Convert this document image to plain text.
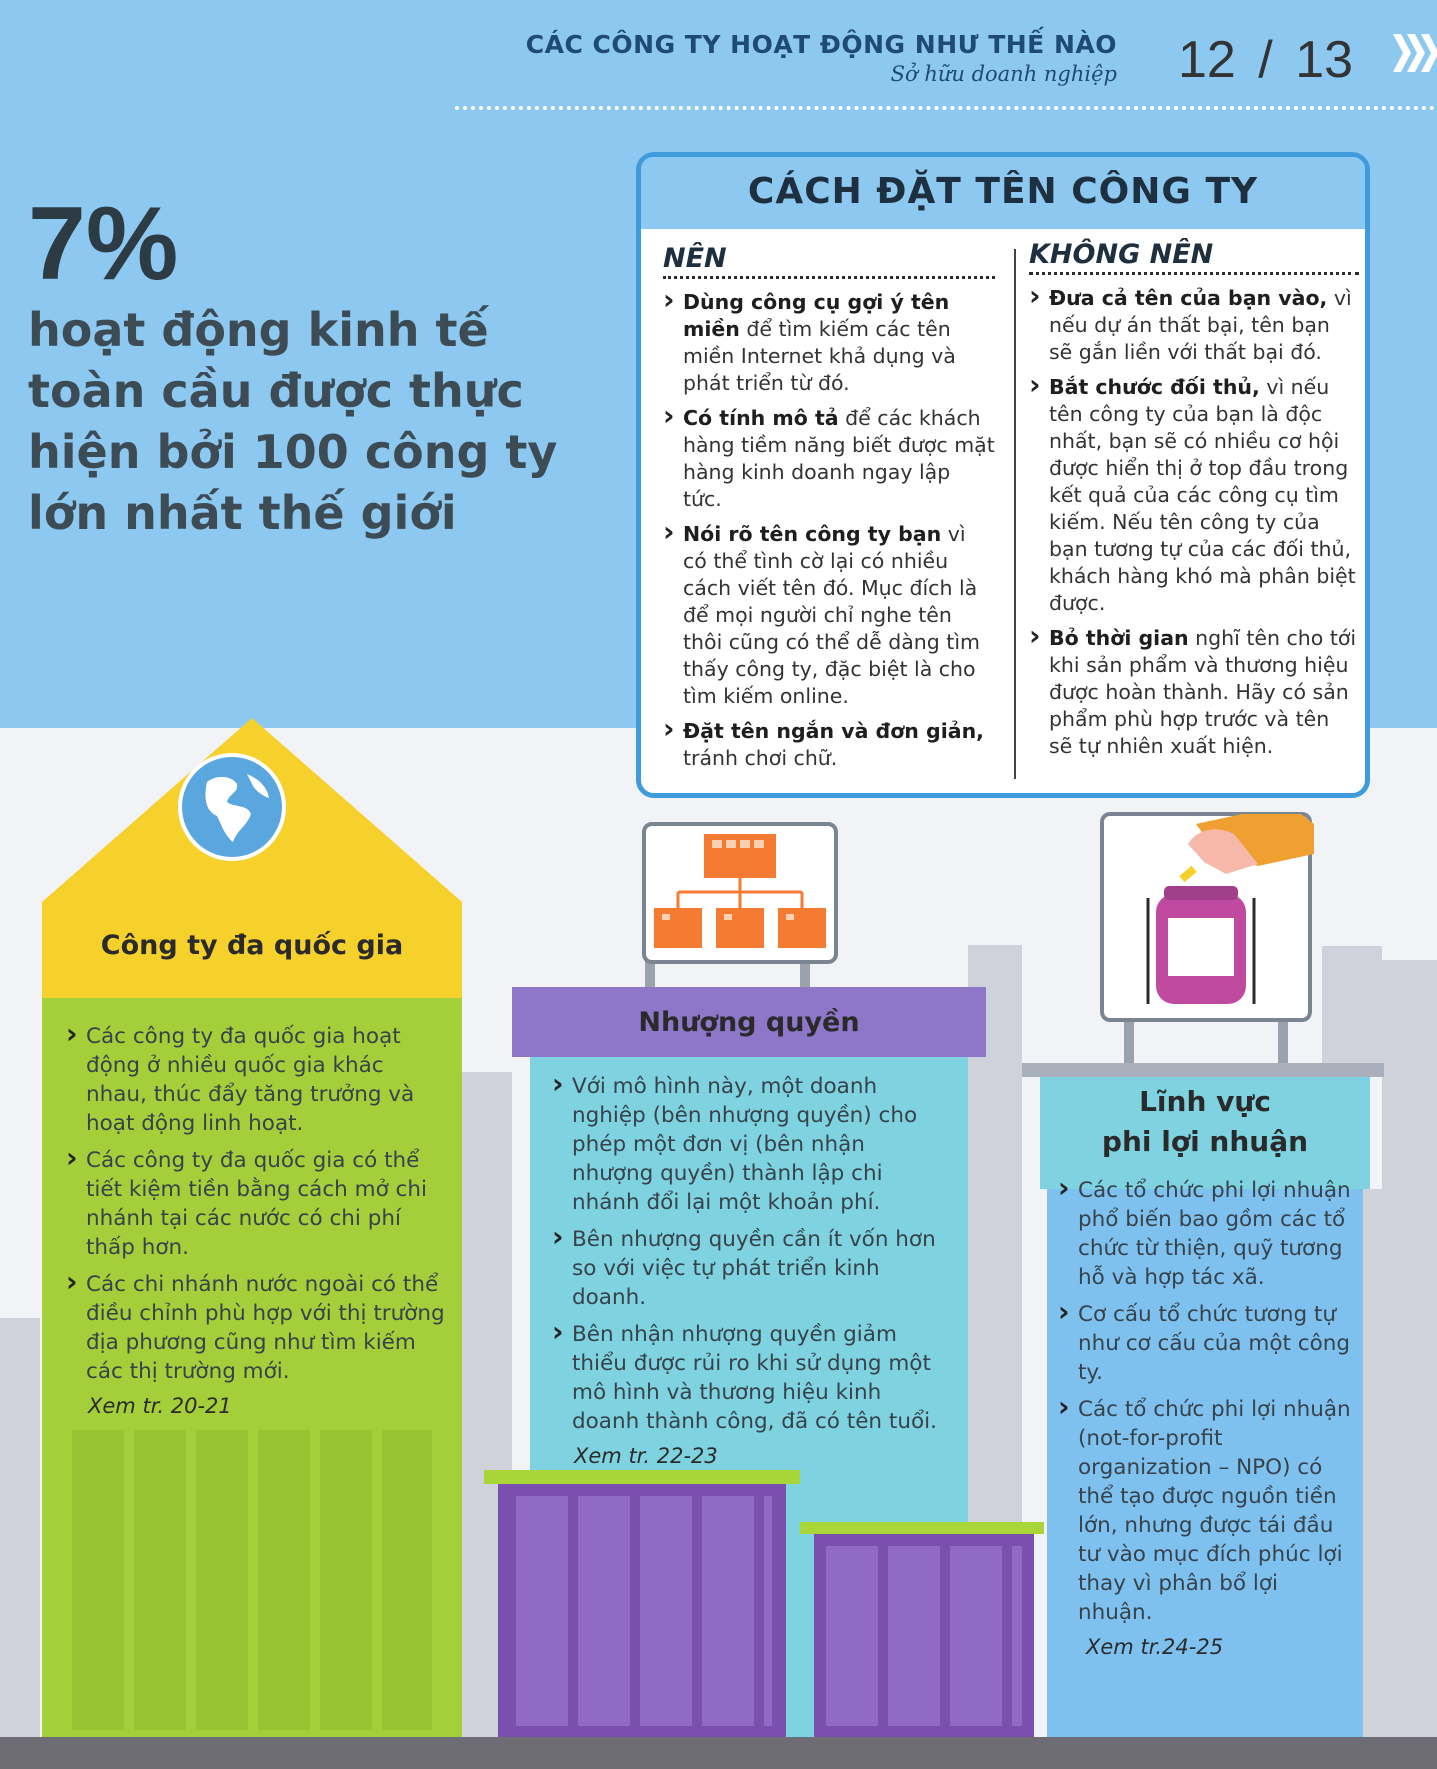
CÁC CÔNG TY HOẠT ĐỘNG NHƯ THẾ NÀO
Sở hữu doanh nghiệp 12 / 13
7%
hoạt động kinh tế toàn cầu được thực hiện bởi 100 công ty lớn nhất thế giới
CÁCH ĐẶT TÊN CÔNG TY
NÊN
› Dùng công cụ gợi ý tên miền để tìm kiếm các tên miền Internet khả dụng và phát triển từ đó.
› Có tính mô tả để các khách hàng tiềm năng biết được mặt hàng kinh doanh ngay lập tức.
› Nói rõ tên công ty bạn vì có thể tình cờ lại có nhiều cách viết tên đó. Mục đích là để mọi người chỉ nghe tên thôi cũng có thể dễ dàng tìm thấy công ty, đặc biệt là cho tìm kiếm online.
› Đặt tên ngắn và đơn giản, tránh chơi chữ.
KHÔNG NÊN
› Đưa cả tên của bạn vào, vì nếu dự án thất bại, tên bạn sẽ gắn liền với thất bại đó.
› Bắt chước đối thủ, vì nếu tên công ty của bạn là độc nhất, bạn sẽ có nhiều cơ hội được hiển thị ở top đầu trong kết quả của các công cụ tìm kiếm. Nếu tên công ty của bạn tương tự của các đối thủ, khách hàng khó mà phân biệt được.
› Bỏ thời gian nghĩ tên cho tới khi sản phẩm và thương hiệu được hoàn thành. Hãy có sản phẩm phù hợp trước và tên sẽ tự nhiên xuất hiện.
Công ty đa quốc gia
› Các công ty đa quốc gia hoạt động ở nhiều quốc gia khác nhau, thúc đẩy tăng trưởng và hoạt động linh hoạt.
› Các công ty đa quốc gia có thể tiết kiệm tiền bằng cách mở chi nhánh tại các nước có chi phí thấp hơn.
› Các chi nhánh nước ngoài có thể điều chỉnh phù hợp với thị trường địa phương cũng như tìm kiếm các thị trường mới.
Xem tr. 20-21
Nhượng quyền
› Với mô hình này, một doanh nghiệp (bên nhượng quyền) cho phép một đơn vị (bên nhận nhượng quyền) thành lập chi nhánh đổi lại một khoản phí.
› Bên nhượng quyền cần ít vốn hơn so với việc tự phát triển kinh doanh.
› Bên nhận nhượng quyền giảm thiểu được rủi ro khi sử dụng một mô hình và thương hiệu kinh doanh thành công, đã có tên tuổi.
Xem tr. 22-23
Lĩnh vực
phi lợi nhuận
› Các tổ chức phi lợi nhuận phổ biến bao gồm các tổ chức từ thiện, quỹ tương hỗ và hợp tác xã.
› Cơ cấu tổ chức tương tự như cơ cấu của một công ty.
› Các tổ chức phi lợi nhuận (not-for-profit organization – NPO) có thể tạo được nguồn tiền lớn, nhưng được tái đầu tư vào mục đích phúc lợi thay vì phân bổ lợi nhuận.
Xem tr.24-25
